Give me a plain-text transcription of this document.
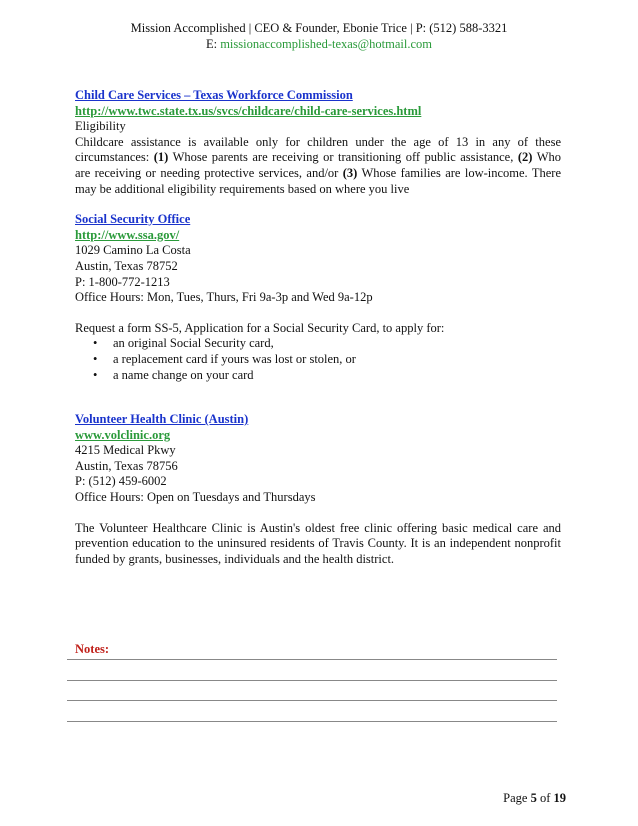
Mission Accomplished | CEO & Founder, Ebonie Trice | P: (512) 588-3321
E: missionaccomplished-texas@hotmail.com
Child Care Services – Texas Workforce Commission
http://www.twc.state.tx.us/svcs/childcare/child-care-services.html
Eligibility
Childcare assistance is available only for children under the age of 13 in any of these circumstances: (1) Whose parents are receiving or transitioning off public assistance, (2) Who are receiving or needing protective services, and/or (3) Whose families are low-income. There may be additional eligibility requirements based on where you live
Social Security Office
http://www.ssa.gov/
1029 Camino La Costa
Austin, Texas 78752
P: 1-800-772-1213
Office Hours: Mon, Tues, Thurs, Fri 9a-3p and Wed 9a-12p
Request a form SS-5, Application for a Social Security Card, to apply for:
• an original Social Security card,
• a replacement card if yours was lost or stolen, or
• a name change on your card
Volunteer Health Clinic (Austin)
www.volclinic.org
4215 Medical Pkwy
Austin, Texas 78756
P: (512) 459-6002
Office Hours: Open on Tuesdays and Thursdays
The Volunteer Healthcare Clinic is Austin's oldest free clinic offering basic medical care and prevention education to the uninsured residents of Travis County. It is an independent nonprofit funded by grants, businesses, individuals and the health district.
Notes:
Page 5 of 19
